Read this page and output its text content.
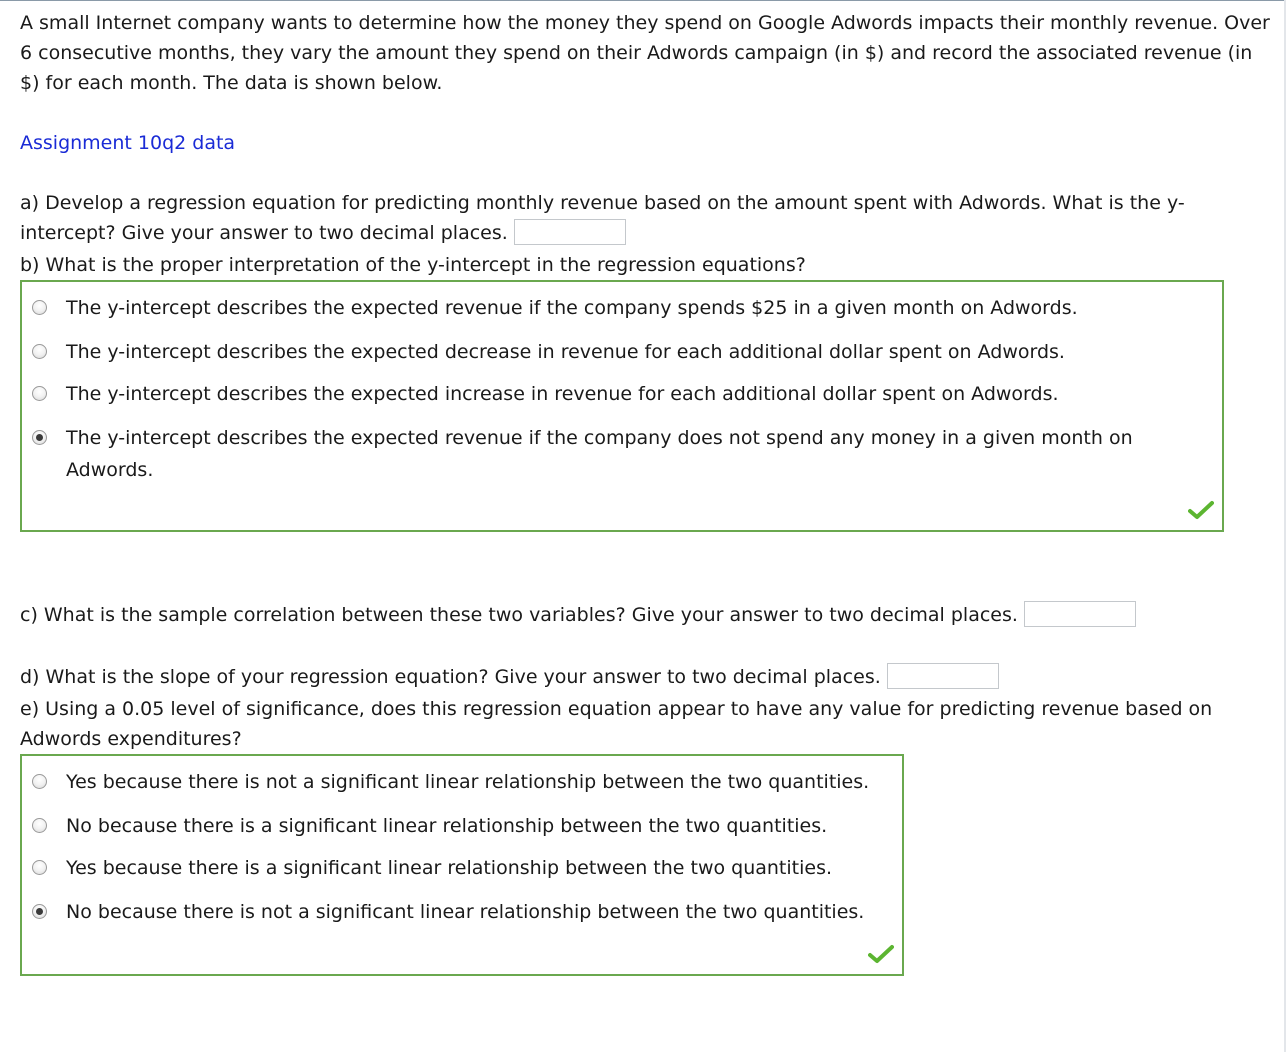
A small Internet company wants to determine how the money they spend on Google Adwords impacts their monthly revenue. Over 6 consecutive months, they vary the amount they spend on their Adwords campaign (in $) and record the associated revenue (in $) for each month. The data is shown below.

Assignment 10q2 data

a) Develop a regression equation for predicting monthly revenue based on the amount spent with Adwords. What is the y-intercept? Give your answer to two decimal places.

b) What is the proper interpretation of the y-intercept in the regression equations?

The y-intercept describes the expected revenue if the company spends $25 in a given month on Adwords.
The y-intercept describes the expected decrease in revenue for each additional dollar spent on Adwords.
The y-intercept describes the expected increase in revenue for each additional dollar spent on Adwords.
The y-intercept describes the expected revenue if the company does not spend any money in a given month on Adwords.

c) What is the sample correlation between these two variables? Give your answer to two decimal places.

d) What is the slope of your regression equation? Give your answer to two decimal places.

e) Using a 0.05 level of significance, does this regression equation appear to have any value for predicting revenue based on Adwords expenditures?

Yes because there is not a significant linear relationship between the two quantities.
No because there is a significant linear relationship between the two quantities.
Yes because there is a significant linear relationship between the two quantities.
No because there is not a significant linear relationship between the two quantities.
